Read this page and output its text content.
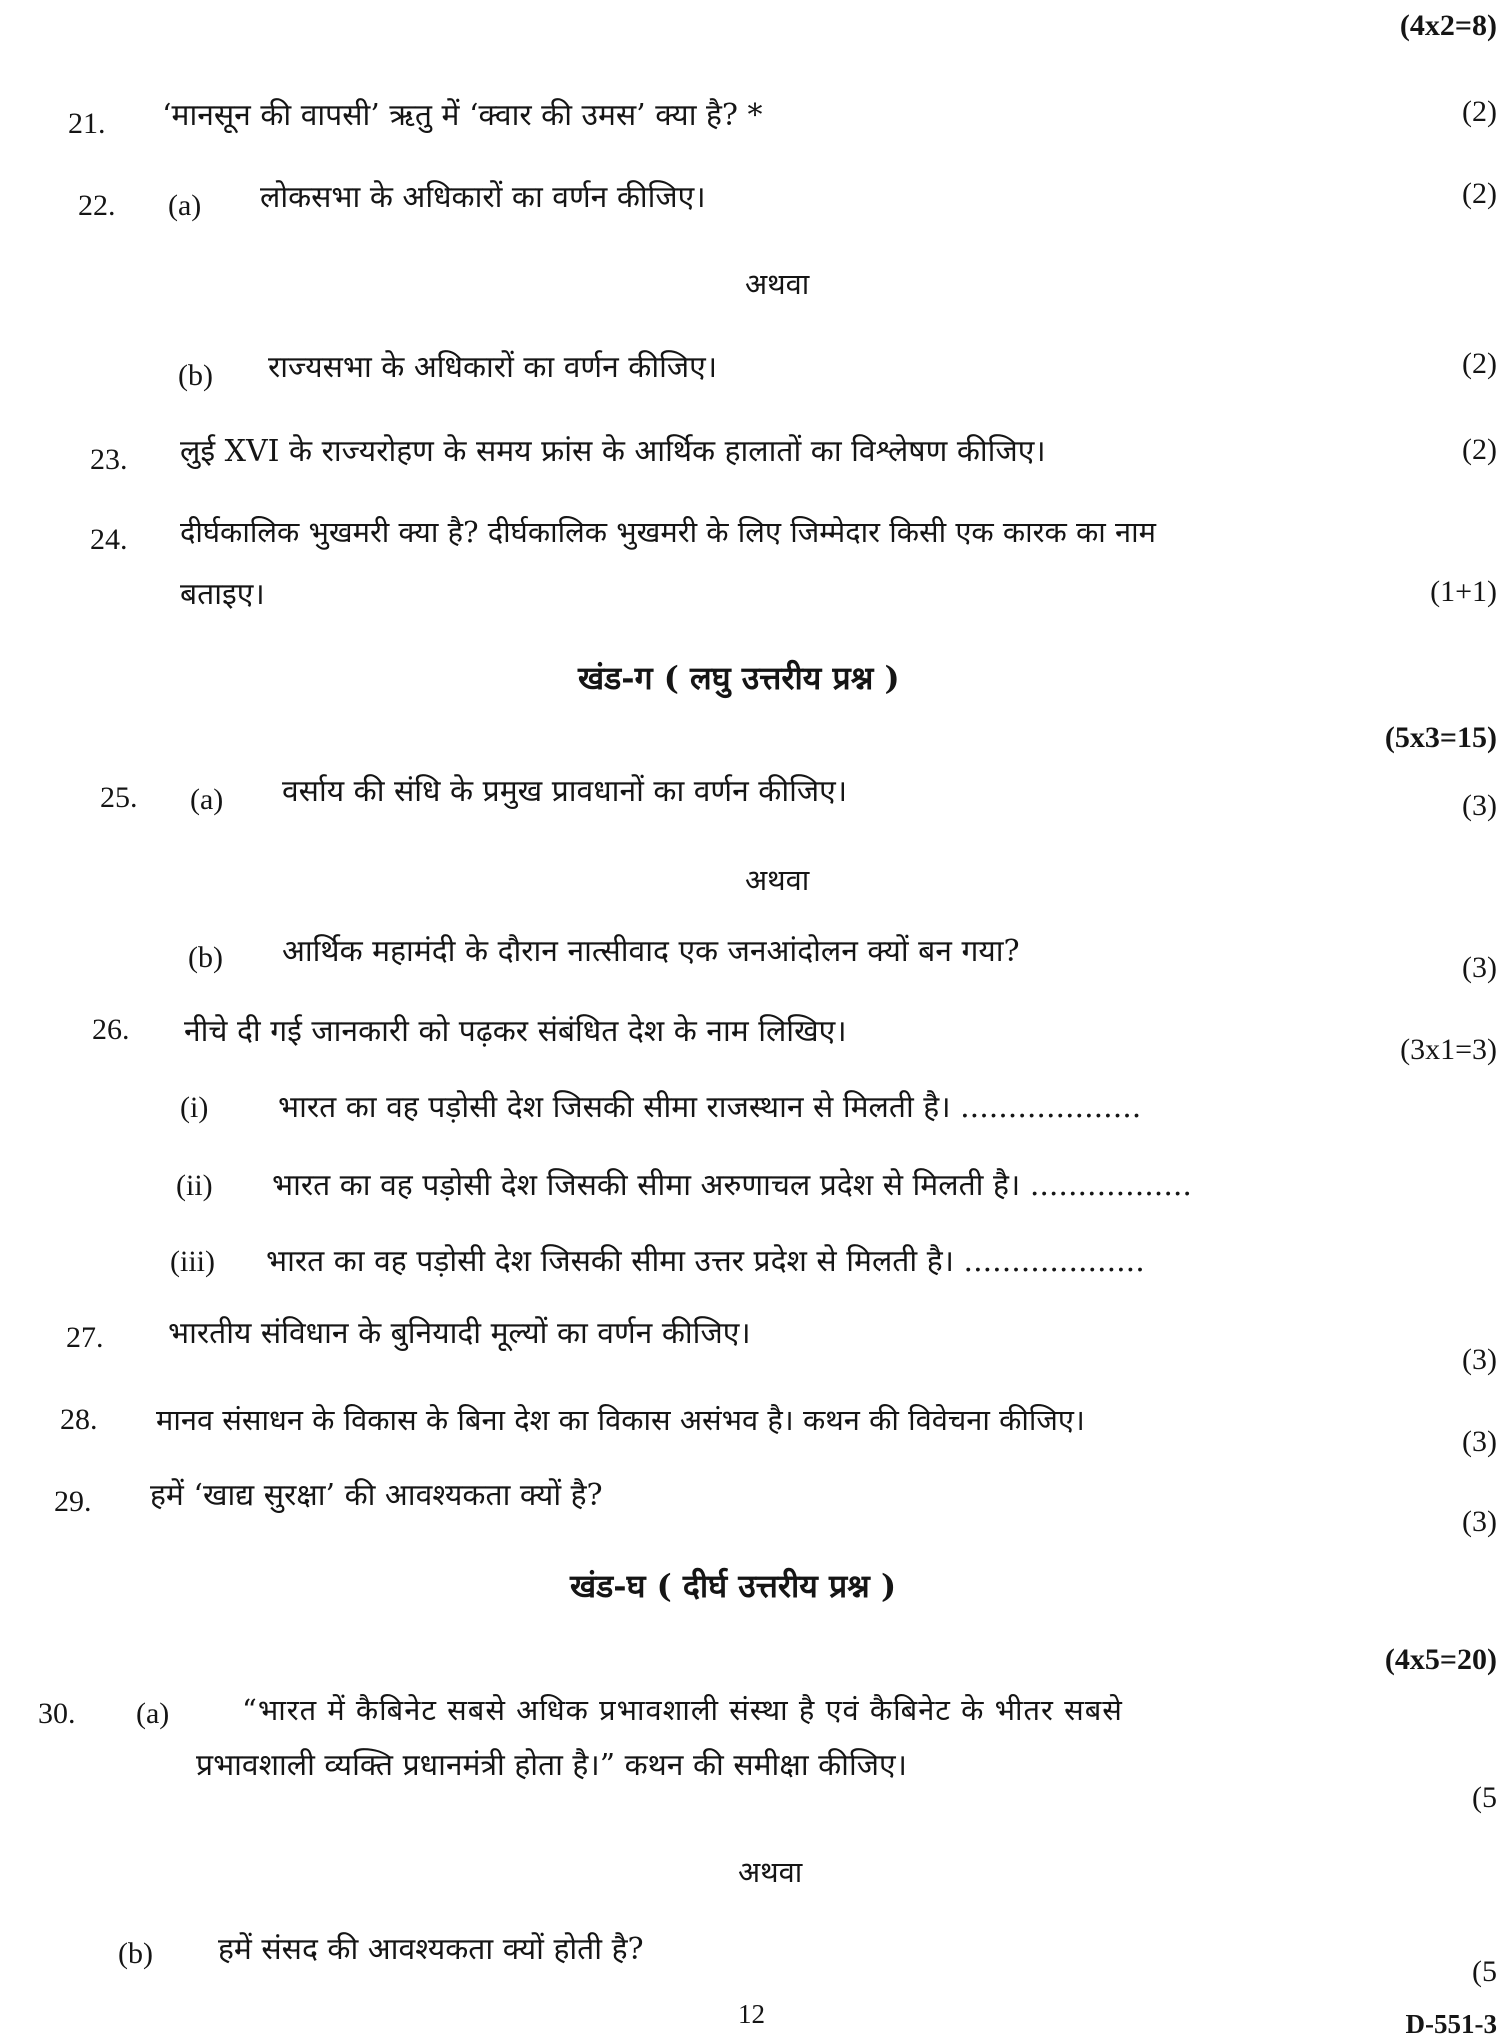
(4x2=8)
21. ‘मानसून की वापसी’ ऋतु में ‘क्वार की उमस’ क्या है? *	(2)
22. (a) लोकसभा के अधिकारों का वर्णन कीजिए।	(2)
अथवा
(b) राज्यसभा के अधिकारों का वर्णन कीजिए।	(2)
23. लुई XVI के राज्यरोहण के समय फ्रांस के आर्थिक हालातों का विश्लेषण कीजिए।	(2)
24. दीर्घकालिक भुखमरी क्या है? दीर्घकालिक भुखमरी के लिए जिम्मेदार किसी एक कारक का नाम
बताइए।	(1+1)
खंड-ग ( लघु उत्तरीय प्रश्न )
(5x3=15)
25. (a) वर्साय की संधि के प्रमुख प्रावधानों का वर्णन कीजिए।	(3)
अथवा
(b) आर्थिक महामंदी के दौरान नात्सीवाद एक जनआंदोलन क्यों बन गया?	(3)
26. नीचे दी गई जानकारी को पढ़कर संबंधित देश के नाम लिखिए।
(3x1=3)
(i) भारत का वह पड़ोसी देश जिसकी सीमा राजस्थान से मिलती है। ...................
(ii) भारत का वह पड़ोसी देश जिसकी सीमा अरुणाचल प्रदेश से मिलती है। .................
(iii) भारत का वह पड़ोसी देश जिसकी सीमा उत्तर प्रदेश से मिलती है। ...................
27. भारतीय संविधान के बुनियादी मूल्यों का वर्णन कीजिए।
(3)
28. मानव संसाधन के विकास के बिना देश का विकास असंभव है। कथन की विवेचना कीजिए।
(3)
29. हमें ‘खाद्य सुरक्षा’ की आवश्यकता क्यों है?
(3)
खंड-घ ( दीर्घ उत्तरीय प्रश्न )
(4x5=20)
30. (a)	“भारत में कैबिनेट सबसे अधिक प्रभावशाली संस्था है एवं कैबिनेट के भीतर सबसे
प्रभावशाली व्यक्ति प्रधानमंत्री होता है।” कथन की समीक्षा कीजिए।
(5
अथवा
(b) हमें संसद की आवश्यकता क्यों होती है?
(5
12	D-551-3
